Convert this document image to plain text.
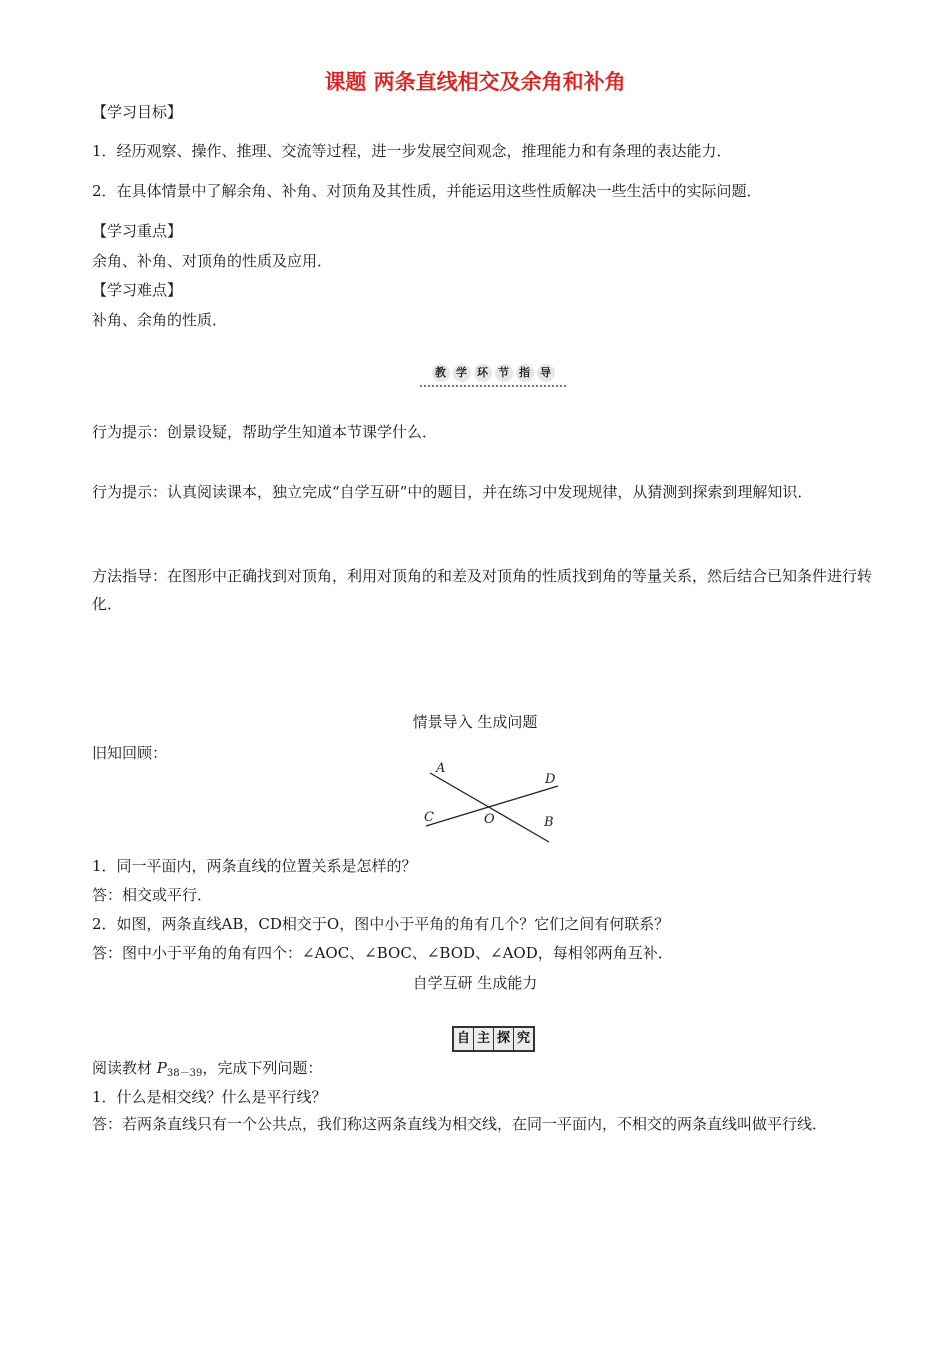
课题 两条直线相交及余角和补角
【学习目标】
1．经历观察、操作、推理、交流等过程，进一步发展空间观念，推理能力和有条理的表达能力．
2．在具体情景中了解余角、补角、对顶角及其性质，并能运用这些性质解决一些生活中的实际问题．
【学习重点】
余角、补角、对顶角的性质及应用．
【学习难点】
补角、余角的性质．
教 学 环 节 指 导
行为提示：创景设疑，帮助学生知道本节课学什么．
行为提示：认真阅读课本，独立完成“自学互研”中的题目，并在练习中发现规律，从猜测到探索到理解知识．
方法指导：在图形中正确找到对顶角，利用对顶角的和差及对顶角的性质找到角的等量关系，然后结合已知条件进行转化．
情景导入 生成问题
旧知回顾：
A
B
C
D
O
1．同一平面内，两条直线的位置关系是怎样的？
答：相交或平行．
2．如图，两条直线AB，CD相交于O，图中小于平角的角有几个？它们之间有何联系？
答：图中小于平角的角有四个：∠AOC、∠BOC、∠BOD、∠AOD，每相邻两角互补．
自学互研 生成能力
自 主 探 究
阅读教材 $P_{38-39}$，完成下列问题：
1．什么是相交线？什么是平行线？
答：若两条直线只有一个公共点，我们称这两条直线为相交线，在同一平面内，不相交的两条直线叫做平行线．
